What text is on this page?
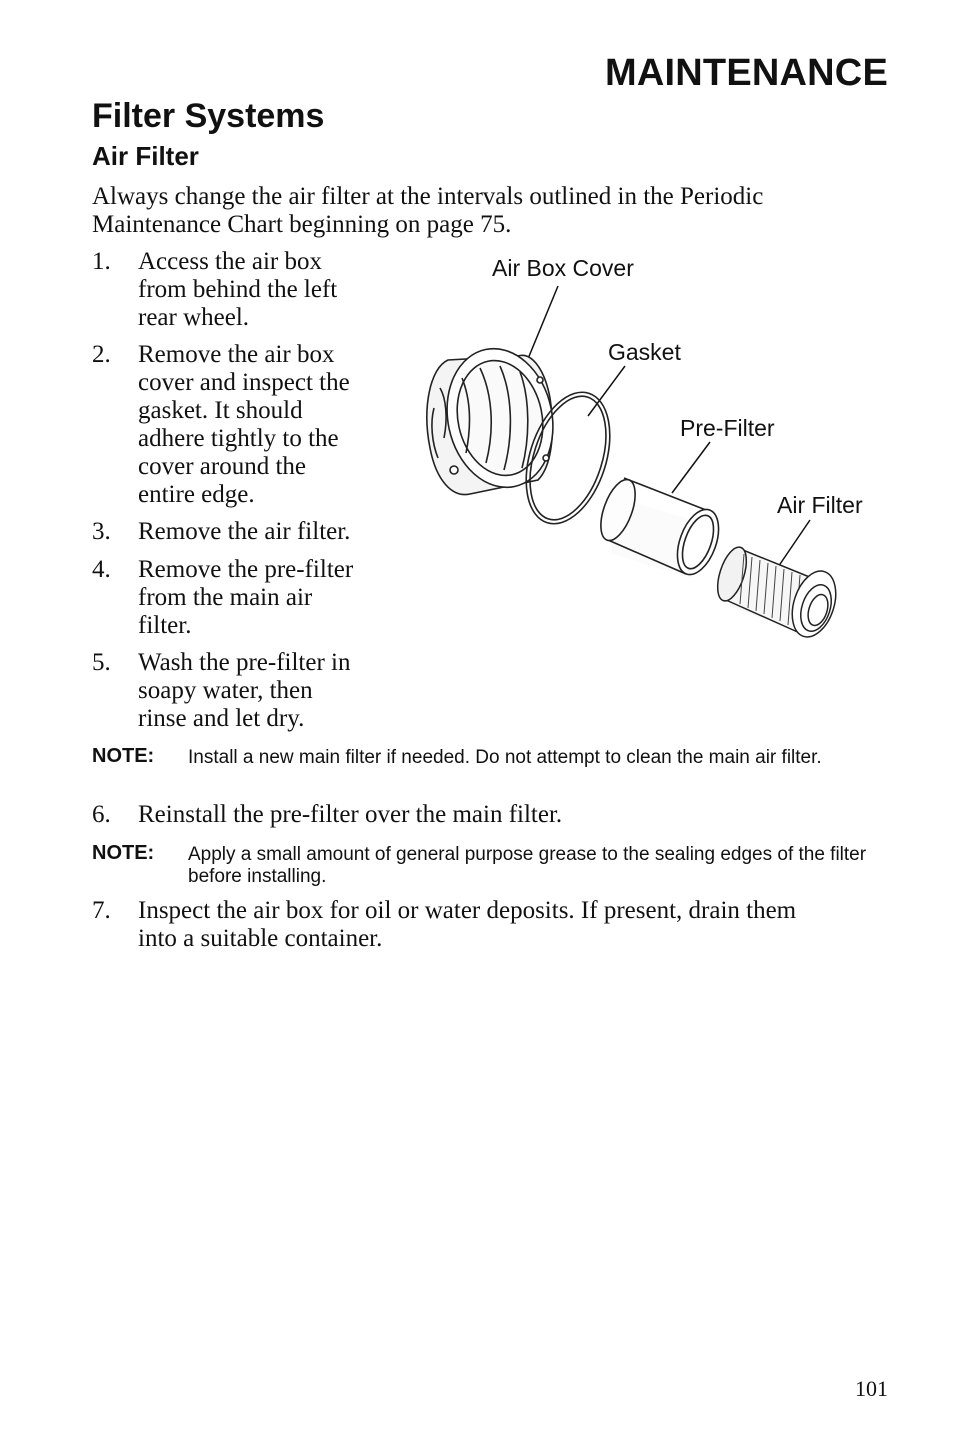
MAINTENANCE
Filter Systems
Air Filter
Always change the air filter at the intervals outlined in the Periodic Maintenance Chart beginning on page 75.
1. Access the air box
from behind the left
rear wheel.
2. Remove the air box
cover and inspect the
gasket. It should
adhere tightly to the
cover around the
entire edge.
3. Remove the air filter.
4. Remove the pre-filter
from the main air
filter.
5. Wash the pre-filter in
soapy water, then
rinse and let dry.
Air Box Cover
Gasket
Pre-Filter
Air Filter
NOTE: Install a new main filter if needed. Do not attempt to clean the main air filter.
6. Reinstall the pre-filter over the main filter.
NOTE: Apply a small amount of general purpose grease to the sealing edges of the filter before installing.
7. Inspect the air box for oil or water deposits. If present, drain them
into a suitable container.
101
